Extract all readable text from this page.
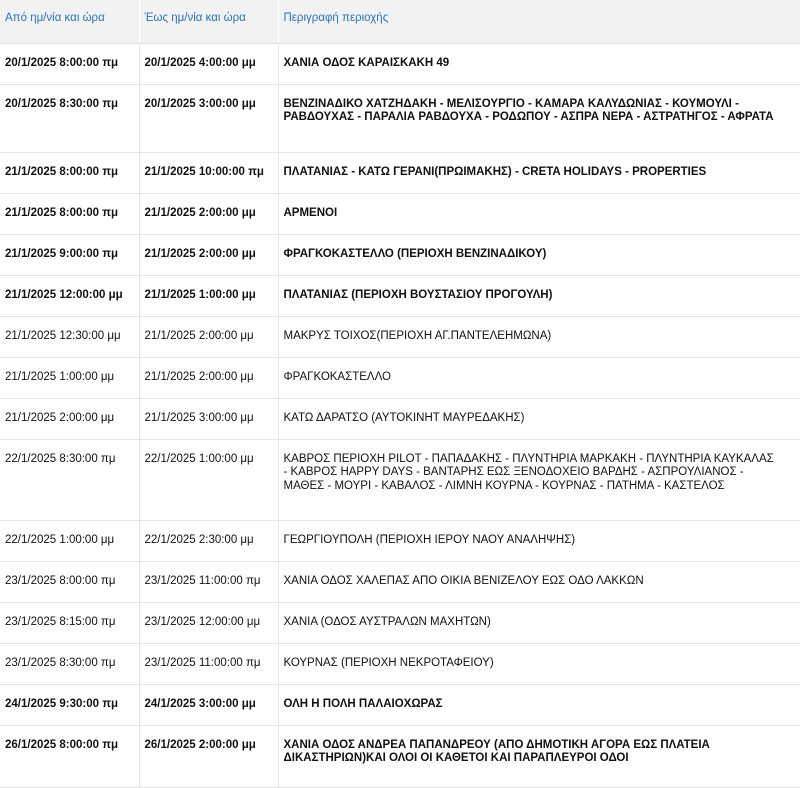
Από ημ/νία και ώρα	Έως ημ/νία και ώρα	Περιγραφή περιοχής
20/1/2025 8:00:00 πμ	20/1/2025 4:00:00 μμ	ΧΑΝΙΑ ΟΔΟΣ ΚΑΡΑΙΣΚΑΚΗ 49
20/1/2025 8:30:00 πμ	20/1/2025 3:00:00 μμ	ΒΕΝΖΙΝΑΔΙΚΟ ΧΑΤΖΗΔΑΚΗ - ΜΕΛΙΣΟΥΡΓΙΟ - ΚΑΜΑΡΑ ΚΑΛΥΔΩΝΙΑΣ - ΚΟΥΜΟΥΛΙ - ΡΑΒΔΟΥΧΑΣ - ΠΑΡΑΛΙΑ ΡΑΒΔΟΥΧΑ - ΡΟΔΩΠΟΥ - ΑΣΠΡΑ ΝΕΡΑ - ΑΣΤΡΑΤΗΓΟΣ - ΑΦΡΑΤΑ
21/1/2025 8:00:00 πμ	21/1/2025 10:00:00 πμ	ΠΛΑΤΑΝΙΑΣ - ΚΑΤΩ ΓΕΡΑΝΙ(ΠΡΩΙΜΑΚΗΣ) - CRETA HOLIDAYS - PROPERTIES
21/1/2025 8:00:00 πμ	21/1/2025 2:00:00 μμ	ΑΡΜΕΝΟΙ
21/1/2025 9:00:00 πμ	21/1/2025 2:00:00 μμ	ΦΡΑΓΚΟΚΑΣΤΕΛΛΟ (ΠΕΡΙΟΧΗ ΒΕΝΖΙΝΑΔΙΚΟΥ)
21/1/2025 12:00:00 μμ	21/1/2025 1:00:00 μμ	ΠΛΑΤΑΝΙΑΣ (ΠΕΡΙΟΧΗ ΒΟΥΣΤΑΣΙΟΥ ΠΡΟΓΟΥΛΗ)
21/1/2025 12:30:00 μμ	21/1/2025 2:00:00 μμ	ΜΑΚΡΥΣ ΤΟΙΧΟΣ(ΠΕΡΙΟΧΗ ΑΓ.ΠΑΝΤΕΛΕΗΜΩΝΑ)
21/1/2025 1:00:00 μμ	21/1/2025 2:00:00 μμ	ΦΡΑΓΚΟΚΑΣΤΕΛΛΟ
21/1/2025 2:00:00 μμ	21/1/2025 3:00:00 μμ	ΚΑΤΩ ΔΑΡΑΤΣΟ (ΑΥΤΟΚΙΝΗΤ ΜΑΥΡΕΔΑΚΗΣ)
22/1/2025 8:30:00 πμ	22/1/2025 1:00:00 μμ	ΚΑΒΡΟΣ ΠΕΡΙΟΧΗ PILOT - ΠΑΠΑΔΑΚΗΣ - ΠΛΥΝΤΗΡΙΑ ΜΑΡΚΑΚΗ - ΠΛΥΝΤΗΡΙΑ ΚΑΥΚΑΛΑΣ - ΚΑΒΡΟΣ HAPPY DAYS - ΒΑΝΤΑΡΗΣ ΕΩΣ ΞΕΝΟΔΟΧΕΙΟ ΒΑΡΔΗΣ - ΑΣΠΡΟΥΛΙΑΝΟΣ - ΜΑΘΕΣ - ΜΟΥΡΙ - ΚΑΒΑΛΟΣ - ΛΙΜΝΗ ΚΟΥΡΝΑ - ΚΟΥΡΝΑΣ - ΠΑΤΗΜΑ - ΚΑΣΤΕΛΟΣ
22/1/2025 1:00:00 μμ	22/1/2025 2:30:00 μμ	ΓΕΩΡΓΙΟΥΠΟΛΗ (ΠΕΡΙΟΧΗ ΙΕΡΟΥ ΝΑΟΥ ΑΝΑΛΗΨΗΣ)
23/1/2025 8:00:00 πμ	23/1/2025 11:00:00 πμ	ΧΑΝΙΑ ΟΔΟΣ ΧΑΛΕΠΑΣ ΑΠΟ ΟΙΚΙΑ ΒΕΝΙΖΕΛΟΥ ΕΩΣ ΟΔΟ ΛΑΚΚΩΝ
23/1/2025 8:15:00 πμ	23/1/2025 12:00:00 μμ	ΧΑΝΙΑ (ΟΔΟΣ ΑΥΣΤΡΑΛΩΝ ΜΑΧΗΤΩΝ)
23/1/2025 8:30:00 πμ	23/1/2025 11:00:00 πμ	ΚΟΥΡΝΑΣ (ΠΕΡΙΟΧΗ ΝΕΚΡΟΤΑΦΕΙΟΥ)
24/1/2025 9:30:00 πμ	24/1/2025 3:00:00 μμ	ΟΛΗ Η ΠΟΛΗ ΠΑΛΑΙΟΧΩΡΑΣ
26/1/2025 8:00:00 πμ	26/1/2025 2:00:00 μμ	ΧΑΝΙΑ ΟΔΟΣ ΑΝΔΡΕΑ ΠΑΠΑΝΔΡΕΟΥ (ΑΠΟ ΔΗΜΟΤΙΚΗ ΑΓΟΡΑ ΕΩΣ ΠΛΑΤΕΙΑ ΔΙΚΑΣΤΗΡΙΩΝ)ΚΑΙ ΟΛΟΙ ΟΙ ΚΑΘΕΤΟΙ ΚΑΙ ΠΑΡΑΠΛΕΥΡΟΙ ΟΔΟΙ
